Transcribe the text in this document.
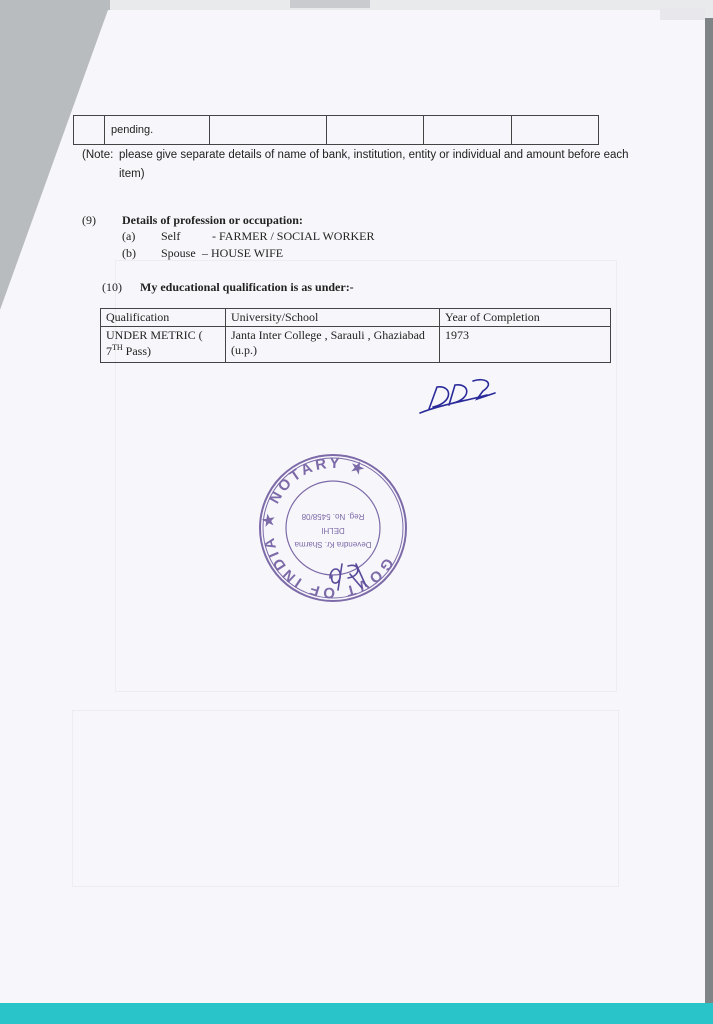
	pending.				
(Note: please give separate details of name of bank, institution, entity or individual and amount before each item)
(9) Details of profession or occupation:
(a) Self	- FARMER / SOCIAL WORKER
(b) Spouse – HOUSE WIFE
(10) My educational qualification is as under:-
Qualification	University/School	Year of Completion
UNDER METRIC (
7TH Pass)	Janta Inter College , Sarauli , Ghaziabad (u.p.)	1973
GOVT OF INDIA ★ NOTARY ★
Devendra Kr. Sharma
DELHI
Reg. No. 5458/08
